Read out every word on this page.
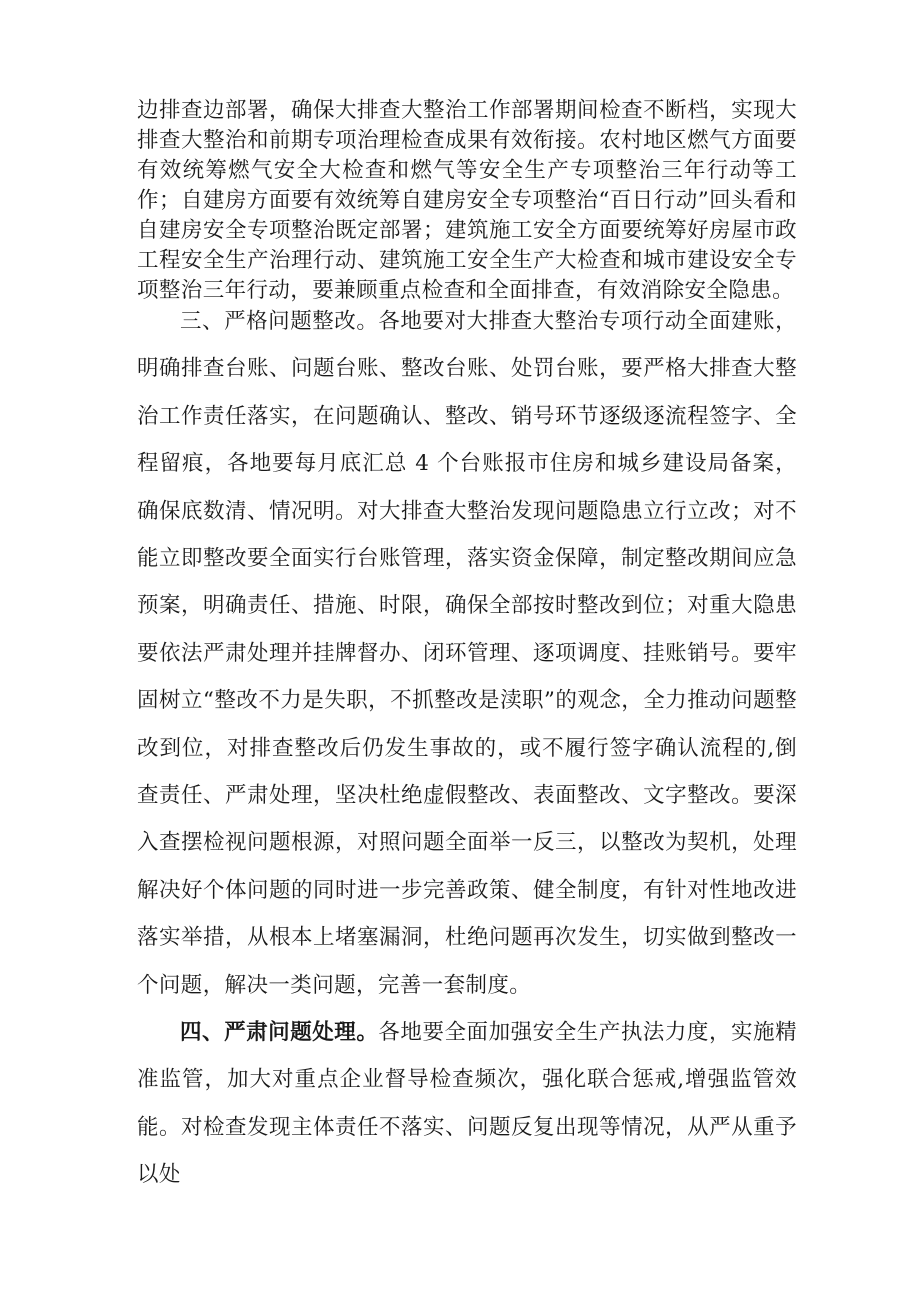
边排查边部署，确保大排查大整治工作部署期间检查不断档，实现大排查大整治和前期专项治理检查成果有效衔接。农村地区燃气方面要有效统筹燃气安全大检查和燃气等安全生产专项整治三年行动等工作；自建房方面要有效统筹自建房安全专项整治“百日行动”回头看和自建房安全专项整治既定部署；建筑施工安全方面要统筹好房屋市政工程安全生产治理行动、建筑施工安全生产大检查和城市建设安全专项整治三年行动，要兼顾重点检查和全面排查，有效消除安全隐患。

三、严格问题整改。各地要对大排查大整治专项行动全面建账，明确排查台账、问题台账、整改台账、处罚台账，要严格大排查大整治工作责任落实，在问题确认、整改、销号环节逐级逐流程签字、全程留痕，各地要每月底汇总 4 个台账报市住房和城乡建设局备案，确保底数清、情况明。对大排查大整治发现问题隐患立行立改；对不能立即整改要全面实行台账管理，落实资金保障，制定整改期间应急预案，明确责任、措施、时限，确保全部按时整改到位；对重大隐患要依法严肃处理并挂牌督办、闭环管理、逐项调度、挂账销号。要牢固树立“整改不力是失职，不抓整改是渎职”的观念，全力推动问题整改到位，对排查整改后仍发生事故的，或不履行签字确认流程的,倒查责任、严肃处理，坚决杜绝虚假整改、表面整改、文字整改。要深入查摆检视问题根源，对照问题全面举一反三，以整改为契机，处理解决好个体问题的同时进一步完善政策、健全制度，有针对性地改进落实举措，从根本上堵塞漏洞，杜绝问题再次发生，切实做到整改一个问题，解决一类问题，完善一套制度。

四、严肃问题处理。各地要全面加强安全生产执法力度，实施精准监管，加大对重点企业督导检查频次，强化联合惩戒,增强监管效能。对检查发现主体责任不落实、问题反复出现等情况，从严从重予以处
